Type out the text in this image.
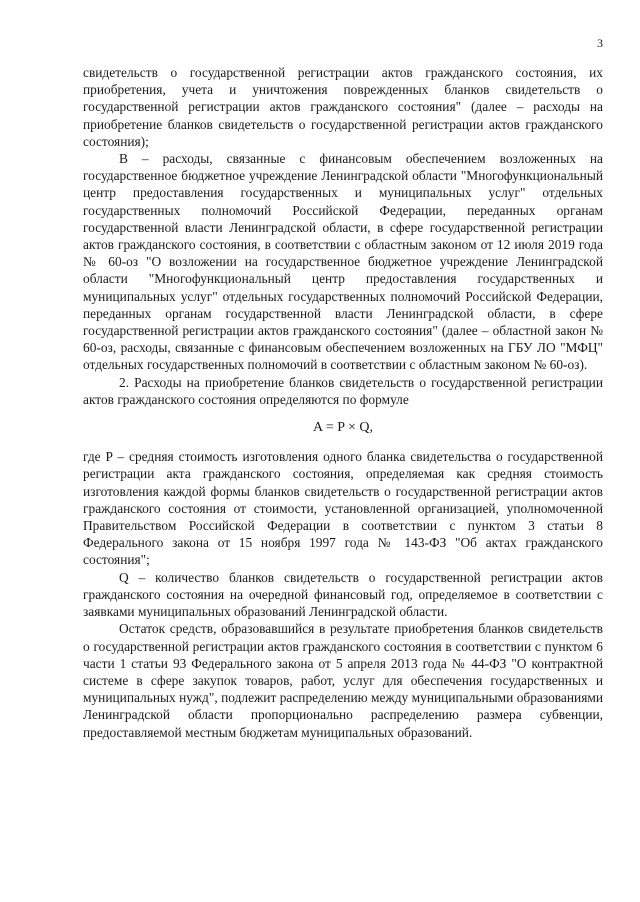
3

свидетельств о государственной регистрации актов гражданского состояния, их приобретения, учета и уничтожения поврежденных бланков свидетельств о государственной регистрации актов гражданского состояния" (далее – расходы на приобретение бланков свидетельств о государственной регистрации актов гражданского состояния);

B – расходы, связанные с финансовым обеспечением возложенных на государственное бюджетное учреждение Ленинградской области "Многофункциональный центр предоставления государственных и муниципальных услуг" отдельных государственных полномочий Российской Федерации, переданных органам государственной власти Ленинградской области, в сфере государственной регистрации актов гражданского состояния, в соответствии с областным законом от 12 июля 2019 года № 60-оз "О возложении на государственное бюджетное учреждение Ленинградской области "Многофункциональный центр предоставления государственных и муниципальных услуг" отдельных государственных полномочий Российской Федерации, переданных органам государственной власти Ленинградской области, в сфере государственной регистрации актов гражданского состояния" (далее – областной закон № 60-оз, расходы, связанные с финансовым обеспечением возложенных на ГБУ ЛО "МФЦ" отдельных государственных полномочий в соответствии с областным законом № 60-оз).

2. Расходы на приобретение бланков свидетельств о государственной регистрации актов гражданского состояния определяются по формуле

A = P × Q,

где P – средняя стоимость изготовления одного бланка свидетельства о государственной регистрации акта гражданского состояния, определяемая как средняя стоимость изготовления каждой формы бланков свидетельств о государственной регистрации актов гражданского состояния от стоимости, установленной организацией, уполномоченной Правительством Российской Федерации в соответствии с пунктом 3 статьи 8 Федерального закона от 15 ноября 1997 года № 143-ФЗ "Об актах гражданского состояния";

Q – количество бланков свидетельств о государственной регистрации актов гражданского состояния на очередной финансовый год, определяемое в соответствии с заявками муниципальных образований Ленинградской области.

Остаток средств, образовавшийся в результате приобретения бланков свидетельств о государственной регистрации актов гражданского состояния в соответствии с пунктом 6 части 1 статьи 93 Федерального закона от 5 апреля 2013 года № 44-ФЗ "О контрактной системе в сфере закупок товаров, работ, услуг для обеспечения государственных и муниципальных нужд", подлежит распределению между муниципальными образованиями Ленинградской области пропорционально распределению размера субвенции, предоставляемой местным бюджетам муниципальных образований.
